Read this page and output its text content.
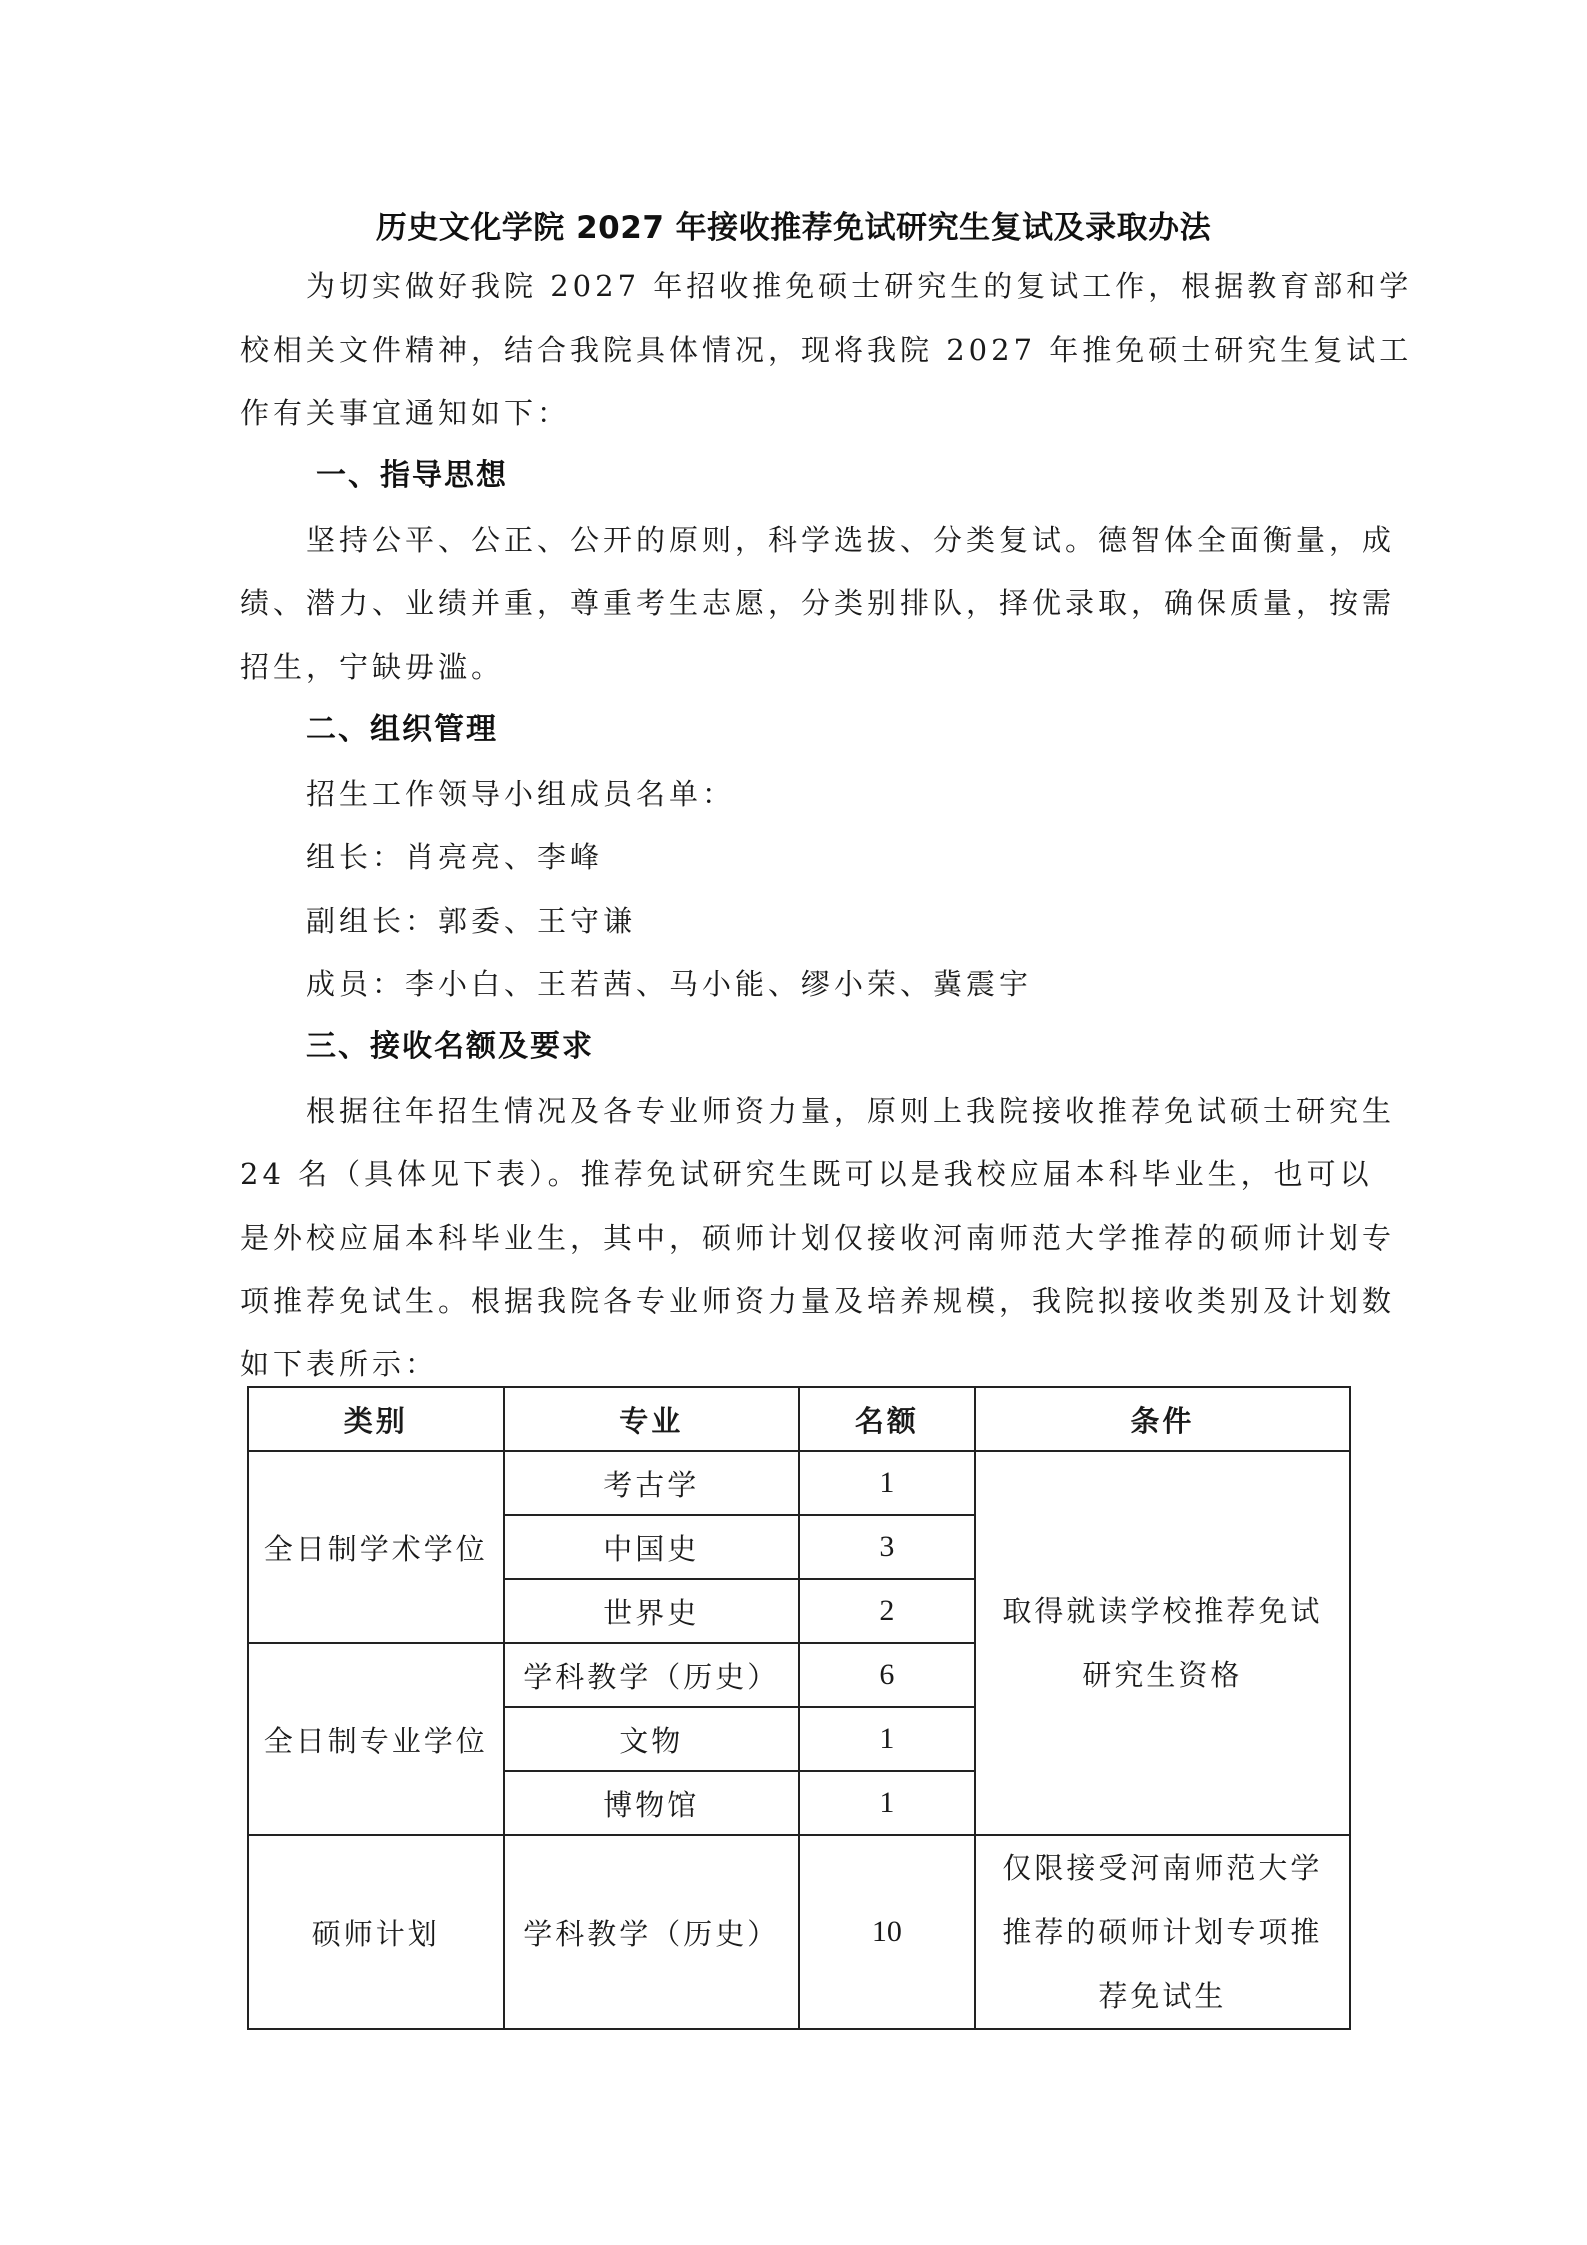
历史文化学院 2027 年接收推荐免试研究生复试及录取办法
为切实做好我院 2027 年招收推免硕士研究生的复试工作，根据教育部和学
校相关文件精神，结合我院具体情况，现将我院 2027 年推免硕士研究生复试工
作有关事宜通知如下：
一、指导思想
坚持公平、公正、公开的原则，科学选拔、分类复试。德智体全面衡量，成
绩、潜力、业绩并重，尊重考生志愿，分类别排队，择优录取，确保质量，按需
招生，宁缺毋滥。
二、组织管理
招生工作领导小组成员名单：
组长：肖亮亮、李峰
副组长：郭委、王守谦
成员：李小白、王若茜、马小能、缪小荣、冀震宇
三、接收名额及要求
根据往年招生情况及各专业师资力量，原则上我院接收推荐免试硕士研究生
24 名（具体见下表）。推荐免试研究生既可以是我校应届本科毕业生，也可以
是外校应届本科毕业生，其中，硕师计划仅接收河南师范大学推荐的硕师计划专
项推荐免试生。根据我院各专业师资力量及培养规模，我院拟接收类别及计划数
如下表所示：
类别	专业	名额	条件
全日制学术学位	考古学	1	取得就读学校推荐免试
研究生资格
	中国史	3	
	世界史	2	
全日制专业学位	学科教学（历史）	6	
	文物	1	
	博物馆	1	
硕师计划	学科教学（历史）	10	仅限接受河南师范大学
推荐的硕师计划专项推
荐免试生
